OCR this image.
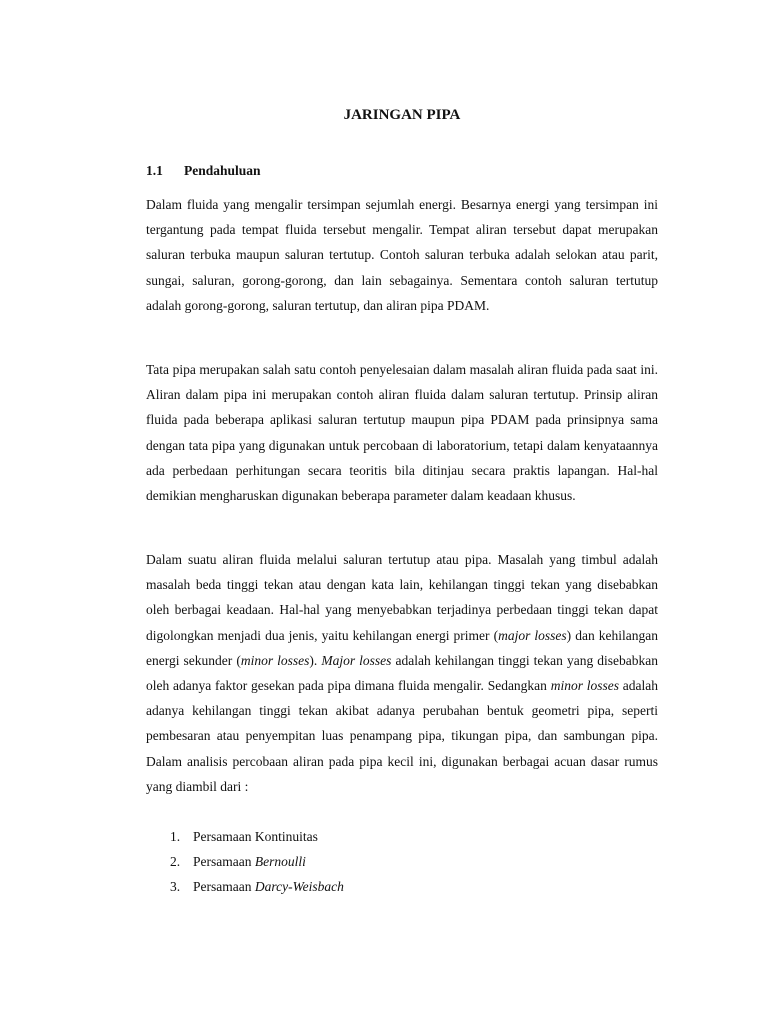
JARINGAN PIPA
1.1 Pendahuluan

Dalam fluida yang mengalir tersimpan sejumlah energi. Besarnya energi yang tersimpan ini tergantung pada tempat fluida tersebut mengalir. Tempat aliran tersebut dapat merupakan saluran terbuka maupun saluran tertutup. Contoh saluran terbuka adalah selokan atau parit, sungai, saluran, gorong-gorong, dan lain sebagainya. Sementara contoh saluran tertutup adalah gorong-gorong, saluran tertutup, dan aliran pipa PDAM.

Tata pipa merupakan salah satu contoh penyelesaian dalam masalah aliran fluida pada saat ini. Aliran dalam pipa ini merupakan contoh aliran fluida dalam saluran tertutup. Prinsip aliran fluida pada beberapa aplikasi saluran tertutup maupun pipa PDAM pada prinsipnya sama dengan tata pipa yang digunakan untuk percobaan di laboratorium, tetapi dalam kenyataannya ada perbedaan perhitungan secara teoritis bila ditinjau secara praktis lapangan. Hal-hal demikian mengharuskan digunakan beberapa parameter dalam keadaan khusus.

Dalam suatu aliran fluida melalui saluran tertutup atau pipa. Masalah yang timbul adalah masalah beda tinggi tekan atau dengan kata lain, kehilangan tinggi tekan yang disebabkan oleh berbagai keadaan. Hal-hal yang menyebabkan terjadinya perbedaan tinggi tekan dapat digolongkan menjadi dua jenis, yaitu kehilangan energi primer (major losses) dan kehilangan energi sekunder (minor losses). Major losses adalah kehilangan tinggi tekan yang disebabkan oleh adanya faktor gesekan pada pipa dimana fluida mengalir. Sedangkan minor losses adalah adanya kehilangan tinggi tekan akibat adanya perubahan bentuk geometri pipa, seperti pembesaran atau penyempitan luas penampang pipa, tikungan pipa, dan sambungan pipa. Dalam analisis percobaan aliran pada pipa kecil ini, digunakan berbagai acuan dasar rumus yang diambil dari :

1. Persamaan Kontinuitas
2. Persamaan Bernoulli
3. Persamaan Darcy-Weisbach
